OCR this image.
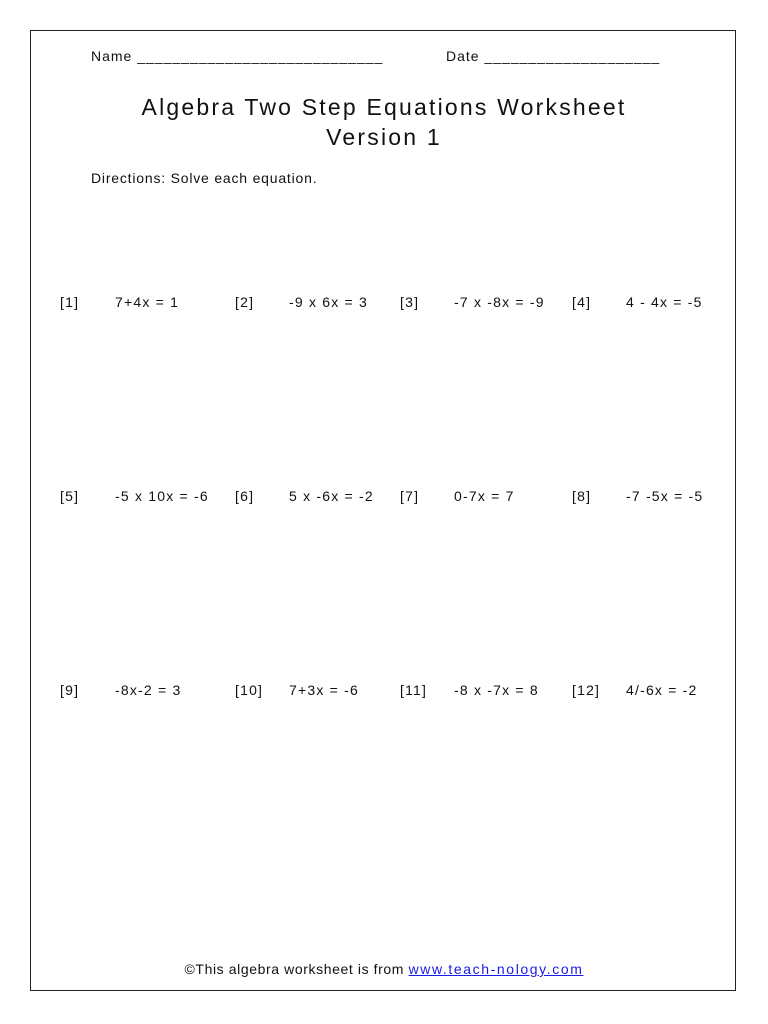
Name ____________________________	Date ____________________
Algebra Two Step Equations Worksheet
Version 1
Directions: Solve each equation.
[1]	7+4x = 1	[2] -9 x 6x = 3 [3] -7 x -8x = -9 [4] 4 - 4x = -5
[5]	-5 x 10x = -6 [6] 5 x -6x = -2 [7] 0-7x = 7	[8] -7 -5x = -5
[9]	-8x-2 = 3	[10] 7+3x = -6	[11] -8 x -7x = 8 [12] 4/-6x = -2
©This algebra worksheet is from www.teach-nology.com
